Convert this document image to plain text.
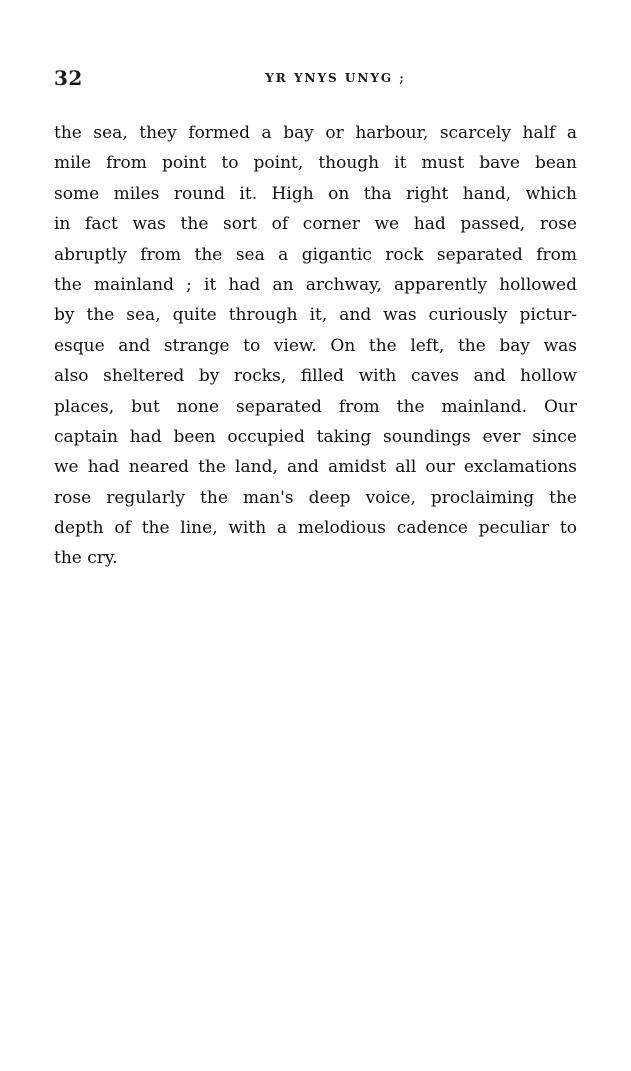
32	YR YNYS UNYG ;
the sea, they formed a bay or harbour, scarcely half a
mile from point to point, though it must bave bean
some miles round it. High on tha right hand, which
in fact was the sort of corner we had passed, rose
abruptly from the sea a gigantic rock separated from
the mainland ; it had an archway, apparently hollowed
by the sea, quite through it, and was curiously pictur-
esque and strange to view. On the left, the bay was
also sheltered by rocks, filled with caves and hollow
places, but none separated from the mainland. Our
captain had been occupied taking soundings ever since
we had neared the land, and amidst all our exclamations
rose regularly the man's deep voice, proclaiming the
depth of the line, with a melodious cadence peculiar to
the cry.
